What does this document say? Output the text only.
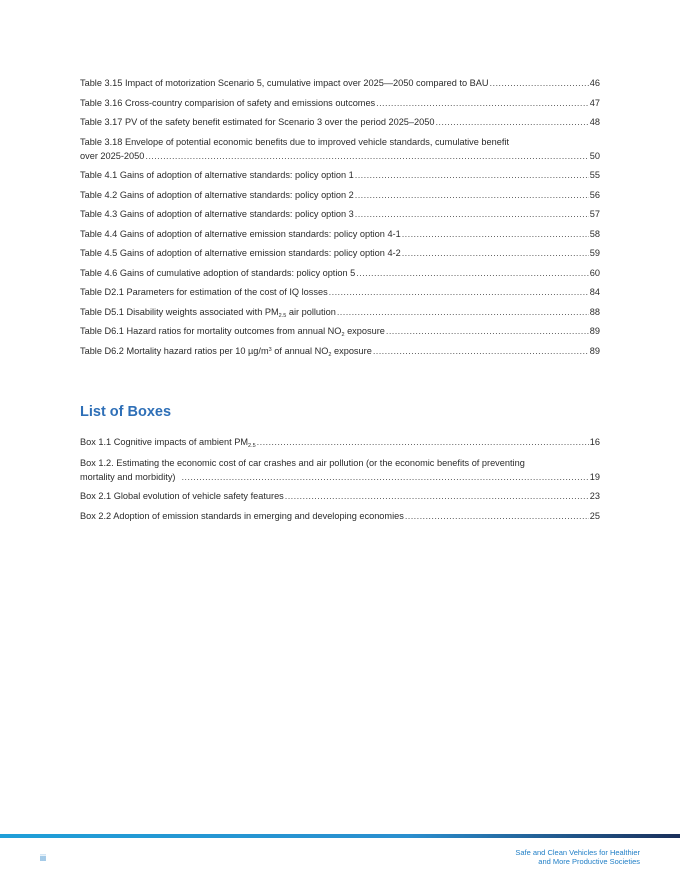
Table 3.15 Impact of motorization Scenario 5, cumulative impact over 2025—2050 compared to BAU .....	46
Table 3.16 Cross-country comparision of safety and emissions outcomes .....	47
Table 3.17 PV of the safety benefit estimated for Scenario 3 over the period 2025–2050 .....	48
Table 3.18 Envelope of potential economic benefits due to improved vehicle standards, cumulative benefit
over 2025-2050 .....	50
Table 4.1 Gains of adoption of alternative standards: policy option 1 .....	55
Table 4.2 Gains of adoption of alternative standards: policy option 2 .....	56
Table 4.3 Gains of adoption of alternative standards: policy option 3 .....	57
Table 4.4 Gains of adoption of alternative emission standards: policy option 4-1 .....	58
Table 4.5 Gains of adoption of alternative emission standards: policy option 4-2 .....	59
Table 4.6 Gains of cumulative adoption of standards: policy option 5 .....	60
Table D2.1 Parameters for estimation of the cost of IQ losses .....	84
Table D5.1 Disability weights associated with $PM_{2.5}$ air pollution .....	88
Table D6.1 Hazard ratios for mortality outcomes from annual $NO_2$ exposure .....	89
Table D6.2 Mortality hazard ratios per 10 $\mu g/m^3$ of annual $NO_2$ exposure .....	89
List of Boxes
Box 1.1 Cognitive impacts of ambient $PM_{2.5}$ .....	16
Box 1.2. Estimating the economic cost of car crashes and air pollution (or the economic benefits of preventing
mortality and morbidity) .....	19
Box 2.1 Global evolution of vehicle safety features .....	23
Box 2.2 Adoption of emission standards in emerging and developing economies .....	25
iii
Safe and Clean Vehicles for Healthier
and More Productive Societies
